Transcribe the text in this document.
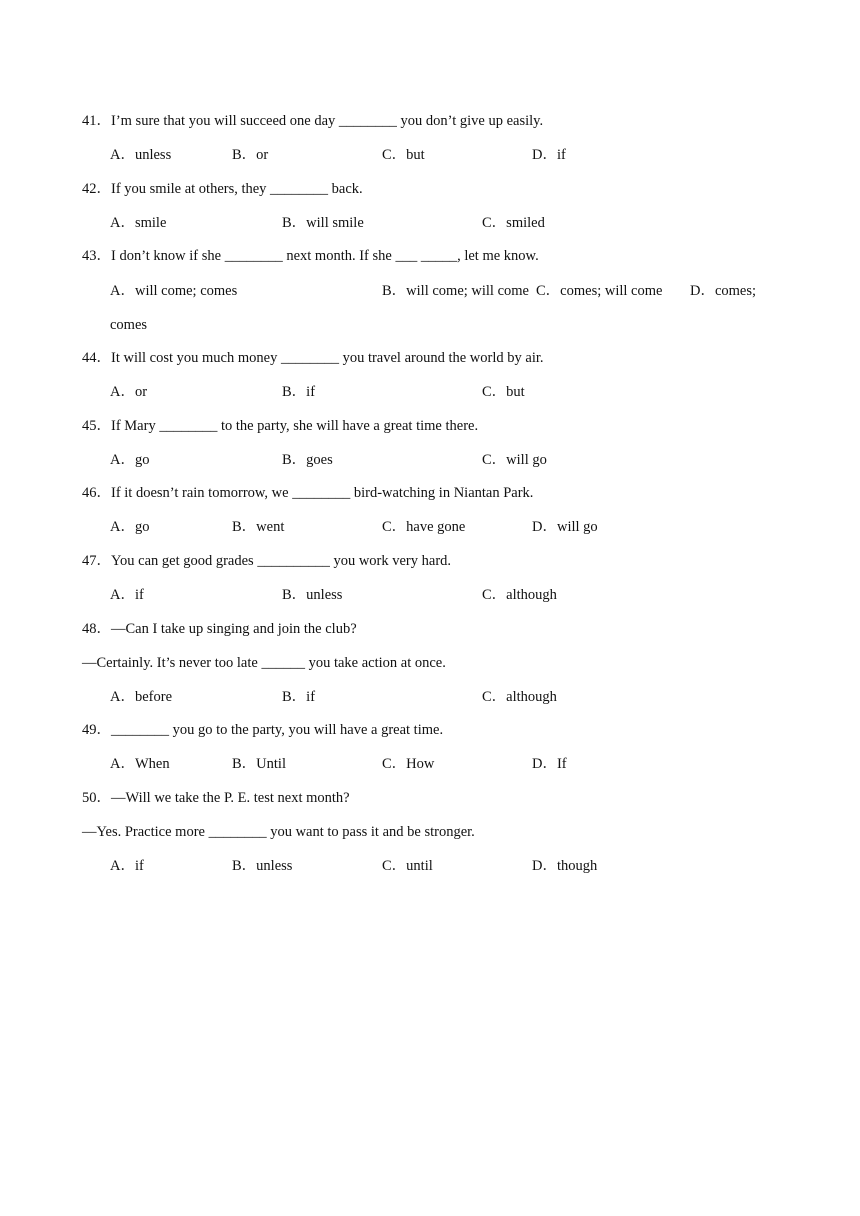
41．I’m sure that you will succeed one day ________ you don’t give up easily.
A．unless	B．or	C．but	D．if
42．If you smile at others, they ________ back.
A．smile	B．will smile	C．smiled
43．I don’t know if she ________ next month. If she ___ _____, let me know.
A．will come; comes	B．will come; will come C．comes; will come D．comes;
comes
44．It will cost you much money ________ you travel around the world by air.
A．or	B．if	C．but
45．If Mary ________ to the party, she will have a great time there.
A．go	B．goes	C．will go
46．If it doesn’t rain tomorrow, we ________ bird-watching in Niantan Park.
A．go	B．went	C．have gone	D．will go
47．You can get good grades __________ you work very hard.
A．if	B．unless	C．although
48．—Can I take up singing and join the club?
—Certainly. It’s never too late ______ you take action at once.
A．before	B．if	C．although
49．________ you go to the party, you will have a great time.
A．When	B．Until	C．How	D．If
50．—Will we take the P. E. test next month?
—Yes. Practice more ________ you want to pass it and be stronger.
A．if	B．unless	C．until	D．though
